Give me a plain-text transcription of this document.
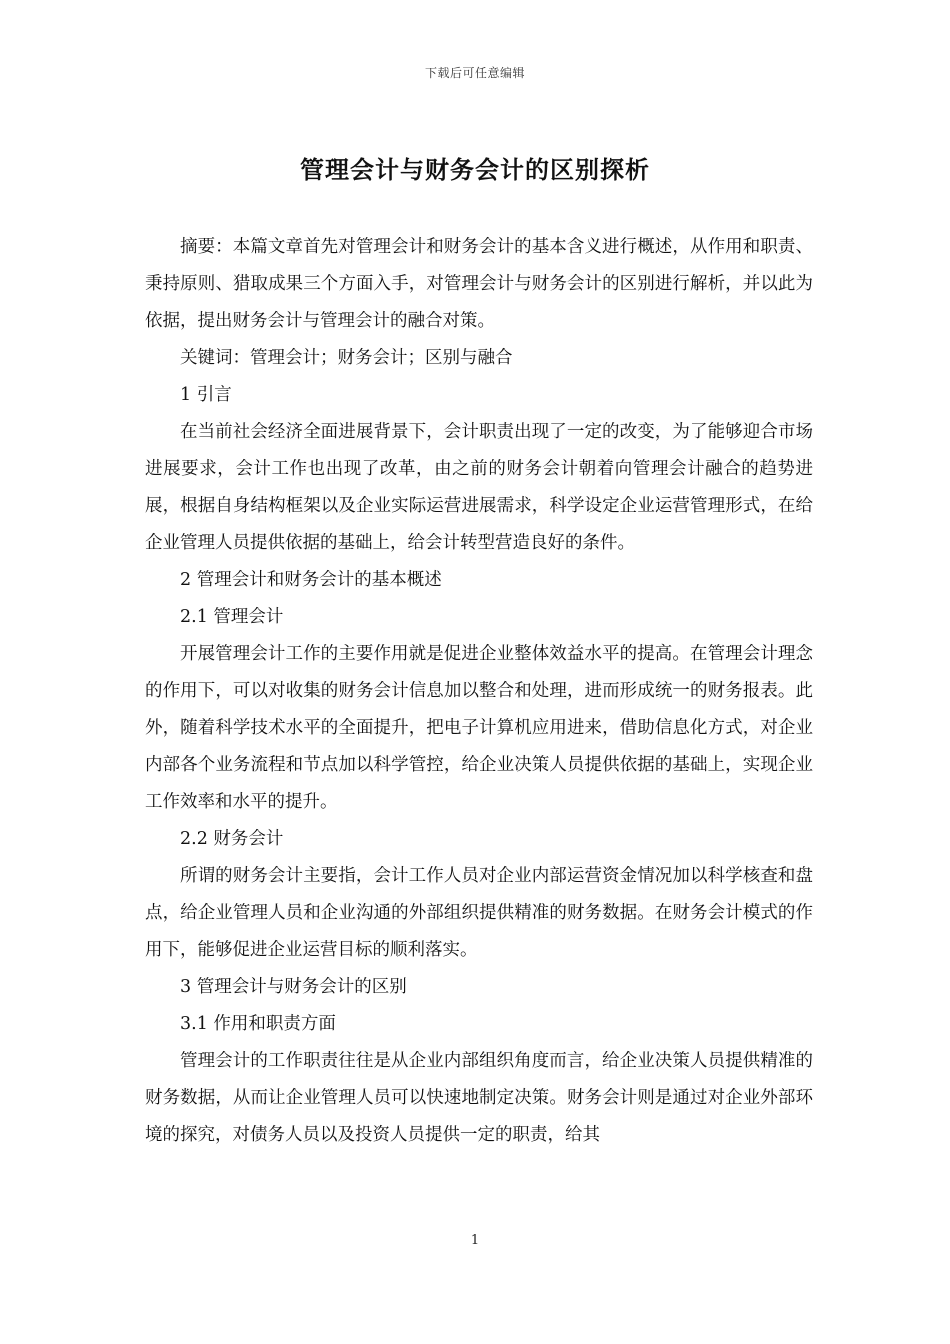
下载后可任意编辑
管理会计与财务会计的区别探析

摘要：本篇文章首先对管理会计和财务会计的基本含义进行概述，从作用和职责、秉持原则、猎取成果三个方面入手，对管理会计与财务会计的区别进行解析，并以此为依据，提出财务会计与管理会计的融合对策。

关键词：管理会计；财务会计；区别与融合

1 引言

在当前社会经济全面进展背景下，会计职责出现了一定的改变，为了能够迎合市场进展要求，会计工作也出现了改革，由之前的财务会计朝着向管理会计融合的趋势进展，根据自身结构框架以及企业实际运营进展需求，科学设定企业运营管理形式，在给企业管理人员提供依据的基础上，给会计转型营造良好的条件。

2 管理会计和财务会计的基本概述

2.1 管理会计

开展管理会计工作的主要作用就是促进企业整体效益水平的提高。在管理会计理念的作用下，可以对收集的财务会计信息加以整合和处理，进而形成统一的财务报表。此外，随着科学技术水平的全面提升，把电子计算机应用进来，借助信息化方式，对企业内部各个业务流程和节点加以科学管控，给企业决策人员提供依据的基础上，实现企业工作效率和水平的提升。

2.2 财务会计

所谓的财务会计主要指，会计工作人员对企业内部运营资金情况加以科学核查和盘点，给企业管理人员和企业沟通的外部组织提供精准的财务数据。在财务会计模式的作用下，能够促进企业运营目标的顺利落实。

3 管理会计与财务会计的区别

3.1 作用和职责方面

管理会计的工作职责往往是从企业内部组织角度而言，给企业决策人员提供精准的财务数据，从而让企业管理人员可以快速地制定决策。财务会计则是通过对企业外部环境的探究，对债务人员以及投资人员提供一定的职责，给其

1
